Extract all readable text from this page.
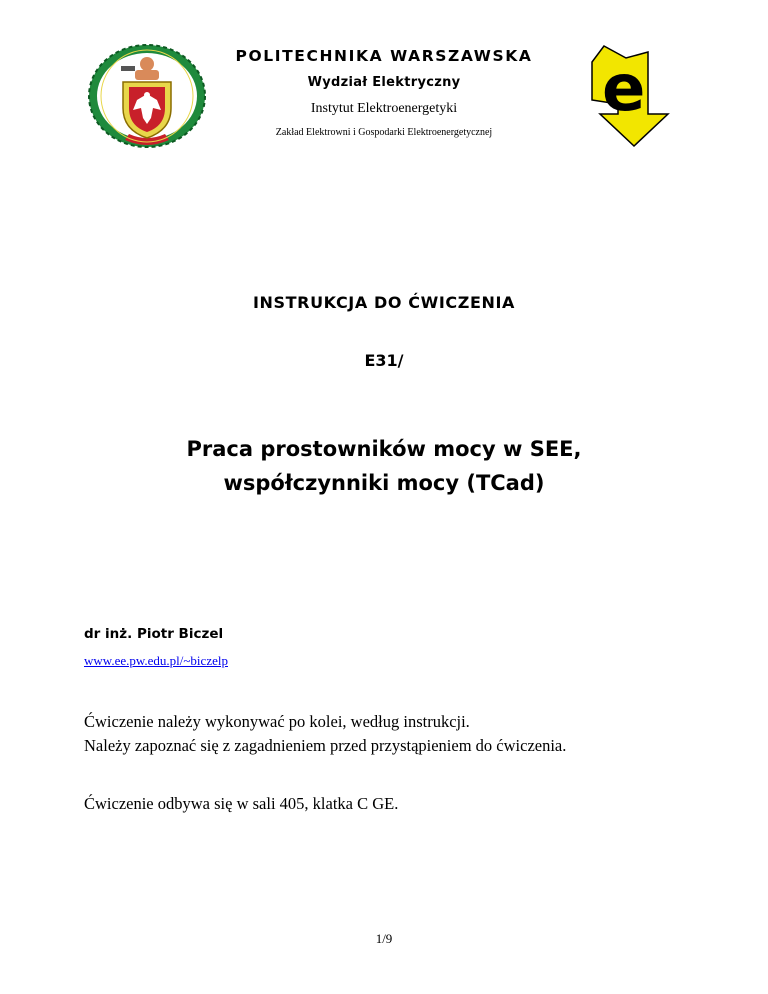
e
POLITECHNIKA WARSZAWSKA
Wydział Elektryczny
Instytut Elektroenergetyki
Zakład Elektrowni i Gospodarki Elektroenergetycznej
INSTRUKCJA DO ĆWICZENIA
E31/
Praca prostowników mocy w SEE,
współczynniki mocy (TCad)
dr inż. Piotr Biczel
www.ee.pw.edu.pl/~biczelp
Ćwiczenie należy wykonywać po kolei, według instrukcji.
Należy zapoznać się z zagadnieniem przed przystąpieniem do ćwiczenia.
Ćwiczenie odbywa się w sali 405, klatka C GE.
1/9
